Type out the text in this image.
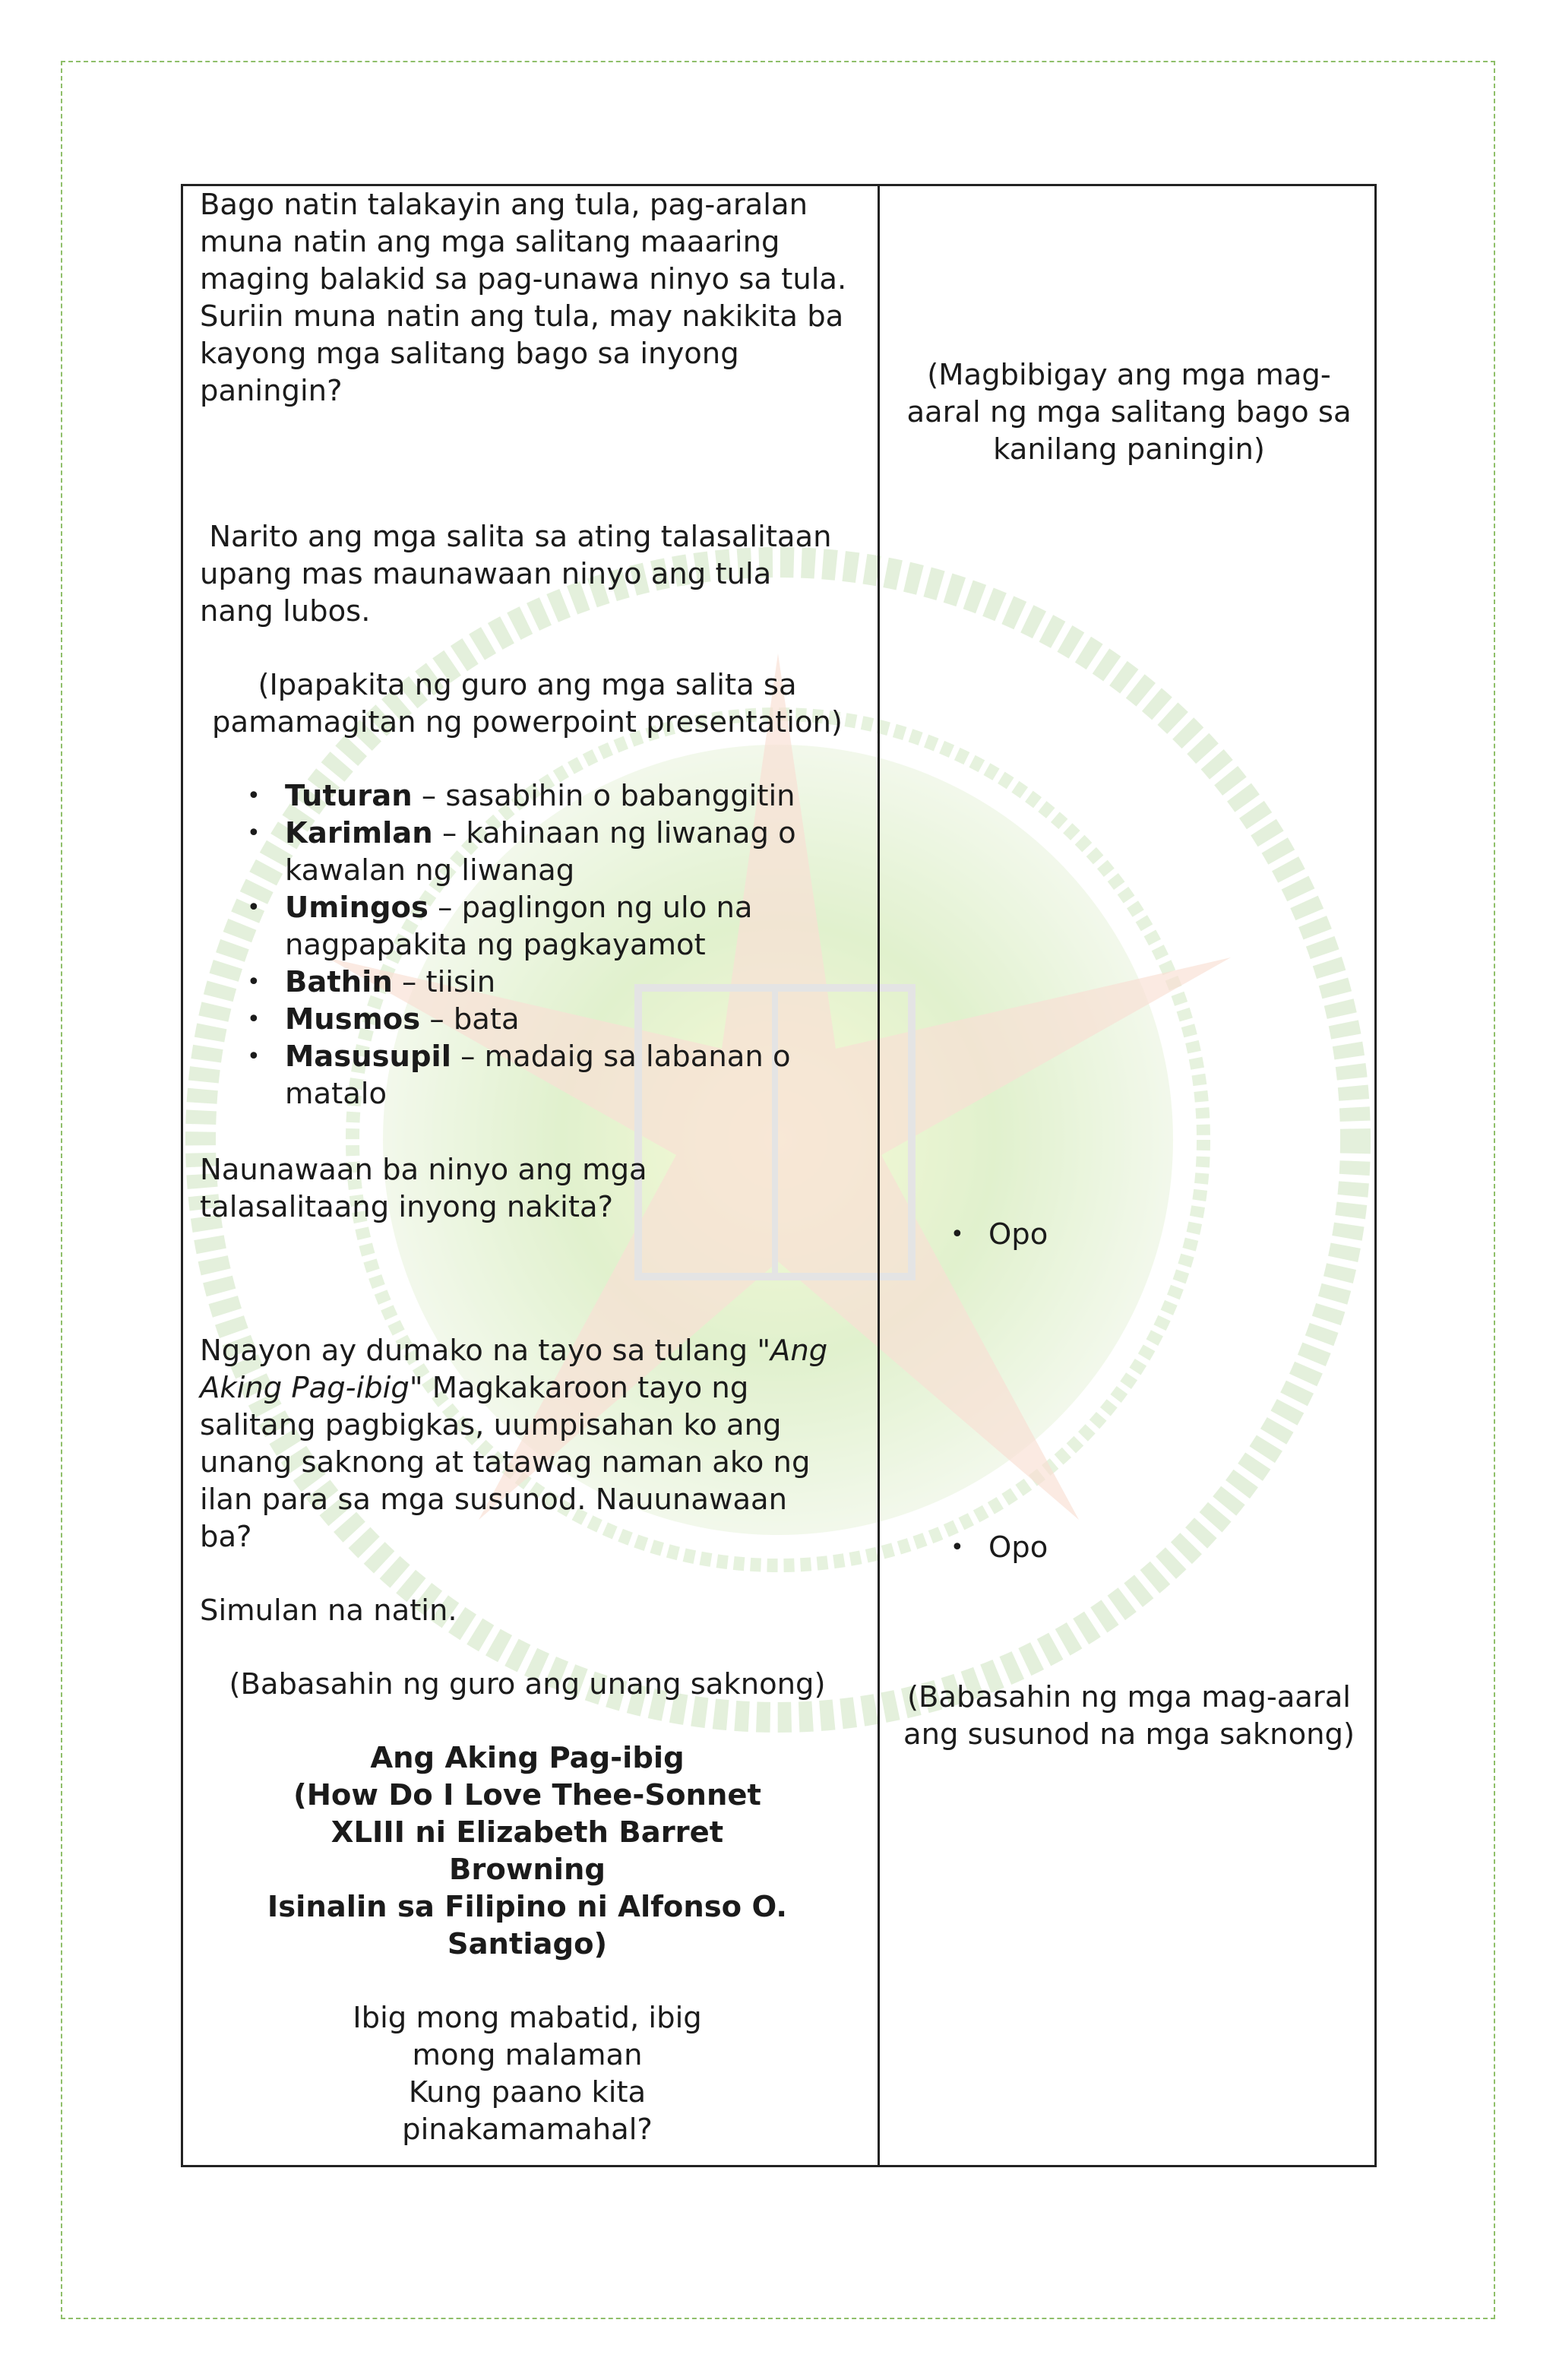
Bago natin talakayin ang tula, pag-aralan

muna natin ang mga salitang maaaring

maging balakid sa pag-unawa ninyo sa tula.

Suriin muna natin ang tula, may nakikita ba

kayong mga salitang bago sa inyong

paningin?

Narito ang mga salita sa ating talasalitaan

upang mas maunawaan ninyo ang tula

nang lubos.

(Ipapakita ng guro ang mga salita sa

pamamagitan ng powerpoint presentation)

• Tuturan – sasabihin o babanggitin
• Karimlan – kahinaan ng liwanag o
kawalan ng liwanag
• Umingos – paglingon ng ulo na
nagpapakita ng pagkayamot
• Bathin – tiisin
• Musmos – bata
• Masusupil – madaig sa labanan o
matalo

Naunawaan ba ninyo ang mga

talasalitaang inyong nakita?

Ngayon ay dumako na tayo sa tulang "Ang

Aking Pag-ibig" Magkakaroon tayo ng

salitang pagbigkas, uumpisahan ko ang

unang saknong at tatawag naman ako ng

ilan para sa mga susunod. Nauunawaan

ba?

Simulan na natin.

(Babasahin ng guro ang unang saknong)

Ang Aking Pag-ibig

(How Do I Love Thee-Sonnet

XLIII ni Elizabeth Barret

Browning

Isinalin sa Filipino ni Alfonso O.

Santiago)

Ibig mong mabatid, ibig

mong malaman

Kung paano kita

pinakamamahal?

(Magbibigay ang mga mag-

aaral ng mga salitang bago sa

kanilang paningin)

• Opo
• Opo

(Babasahin ng mga mag-aaral

ang susunod na mga saknong)
